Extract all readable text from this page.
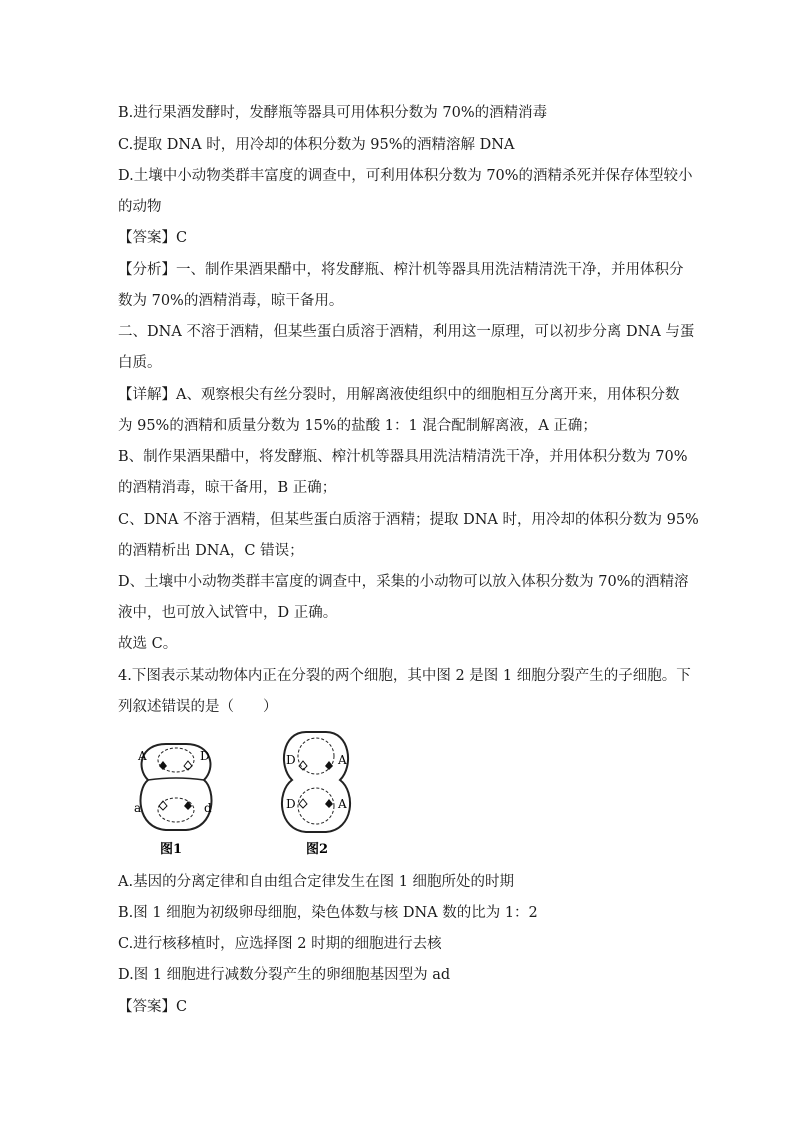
B.进行果酒发酵时，发酵瓶等器具可用体积分数为 70%的酒精消毒
C.提取 DNA 时，用冷却的体积分数为 95%的酒精溶解 DNA
D.土壤中小动物类群丰富度的调查中，可利用体积分数为 70%的酒精杀死并保存体型较小
的动物
【答案】C
【分析】一、制作果酒果醋中，将发酵瓶、榨汁机等器具用洗洁精清洗干净，并用体积分
数为 70%的酒精消毒，晾干备用。
二、DNA 不溶于酒精，但某些蛋白质溶于酒精，利用这一原理，可以初步分离 DNA 与蛋
白质。
【详解】A、观察根尖有丝分裂时，用解离液使组织中的细胞相互分离开来，用体积分数
为 95%的酒精和质量分数为 15%的盐酸 1：1 混合配制解离液，A 正确；
B、制作果酒果醋中，将发酵瓶、榨汁机等器具用洗洁精清洗干净，并用体积分数为 70%
的酒精消毒，晾干备用，B 正确；
C、DNA 不溶于酒精，但某些蛋白质溶于酒精；提取 DNA 时，用冷却的体积分数为 95%
的酒精析出 DNA，C 错误；
D、土壤中小动物类群丰富度的调查中，采集的小动物可以放入体积分数为 70%的酒精溶
液中，也可放入试管中，D 正确。
故选 C。
4.下图表示某动物体内正在分裂的两个细胞，其中图 2 是图 1 细胞分裂产生的子细胞。下
列叙述错误的是（　　）
A	D
a	d
图1
D	A
D	A
图2
A.基因的分离定律和自由组合定律发生在图 1 细胞所处的时期
B.图 1 细胞为初级卵母细胞，染色体数与核 DNA 数的比为 1：2
C.进行核移植时，应选择图 2 时期的细胞进行去核
D.图 1 细胞进行减数分裂产生的卵细胞基因型为 ad
【答案】C
